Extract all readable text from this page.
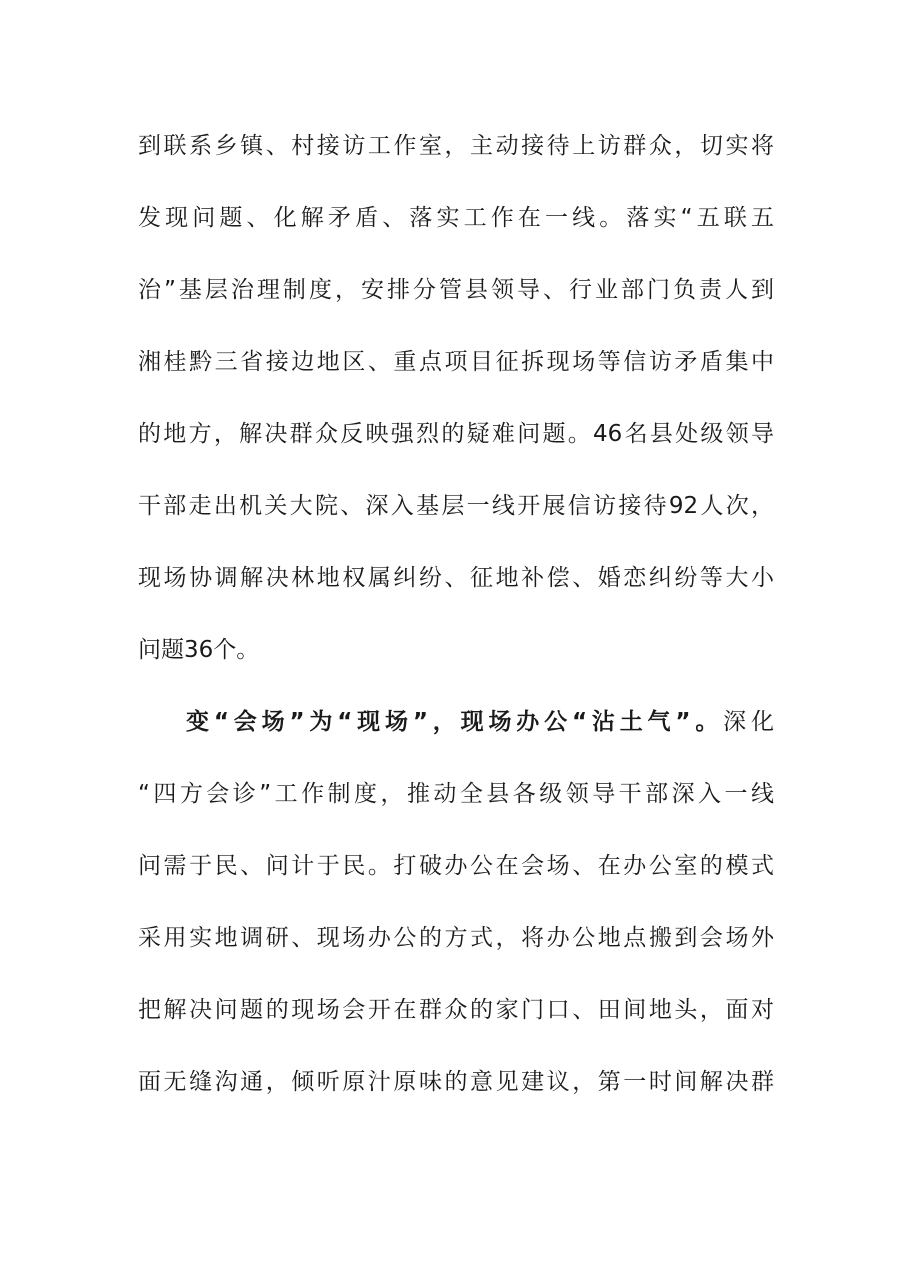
到联系乡镇、村接访工作室，主动接待上访群众，切实将
发现问题、化解矛盾、落实工作在一线。落实“五联五
治”基层治理制度，安排分管县领导、行业部门负责人到
湘桂黔三省接边地区、重点项目征拆现场等信访矛盾集中
的地方，解决群众反映强烈的疑难问题。46名县处级领导
干部走出机关大院、深入基层一线开展信访接待92人次，
现场协调解决林地权属纠纷、征地补偿、婚恋纠纷等大小
问题36个。
变“会场”为“现场”，现场办公“沾土气”。深化
“四方会诊”工作制度，推动全县各级领导干部深入一线
问需于民、问计于民。打破办公在会场、在办公室的模式
采用实地调研、现场办公的方式，将办公地点搬到会场外
把解决问题的现场会开在群众的家门口、田间地头，面对
面无缝沟通，倾听原汁原味的意见建议，第一时间解决群
